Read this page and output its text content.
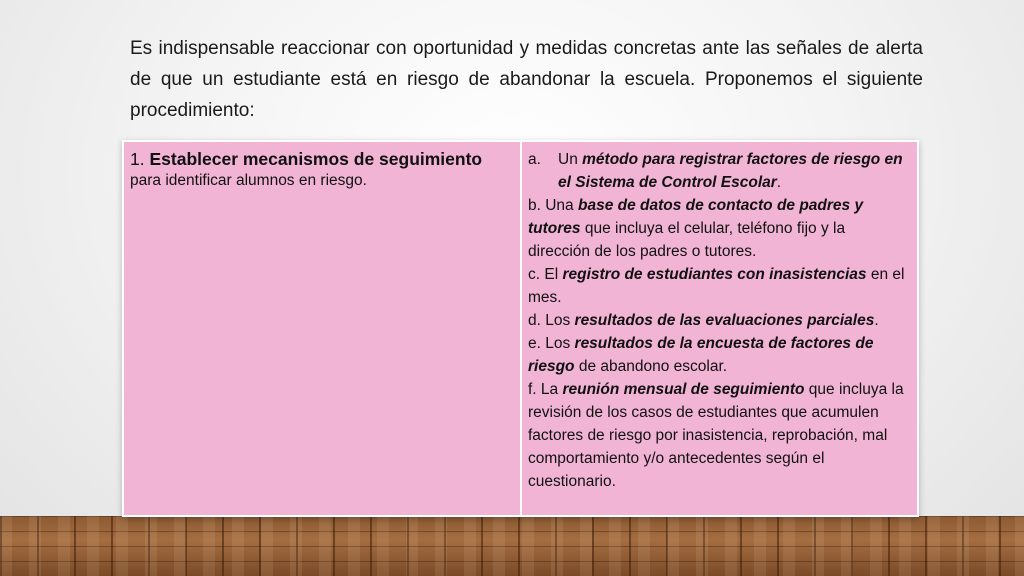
Es indispensable reaccionar con oportunidad y medidas concretas ante las señales de alerta de que un estudiante está en riesgo de abandonar la escuela. Proponemos el siguiente procedimiento:

1. Establecer mecanismos de seguimiento
para identificar alumnos en riesgo.
a.	Un método para registrar factores de riesgo en el Sistema de Control Escolar.
b. Una base de datos de contacto de padres y tutores que incluya el celular, teléfono fijo y la dirección de los padres o tutores.
c. El registro de estudiantes con inasistencias en el mes.
d. Los resultados de las evaluaciones parciales.
e. Los resultados de la encuesta de factores de riesgo de abandono escolar.
f. La reunión mensual de seguimiento que incluya la revisión de los casos de estudiantes que acumulen factores de riesgo por inasistencia, reprobación, mal comportamiento y/o antecedentes según el cuestionario.
